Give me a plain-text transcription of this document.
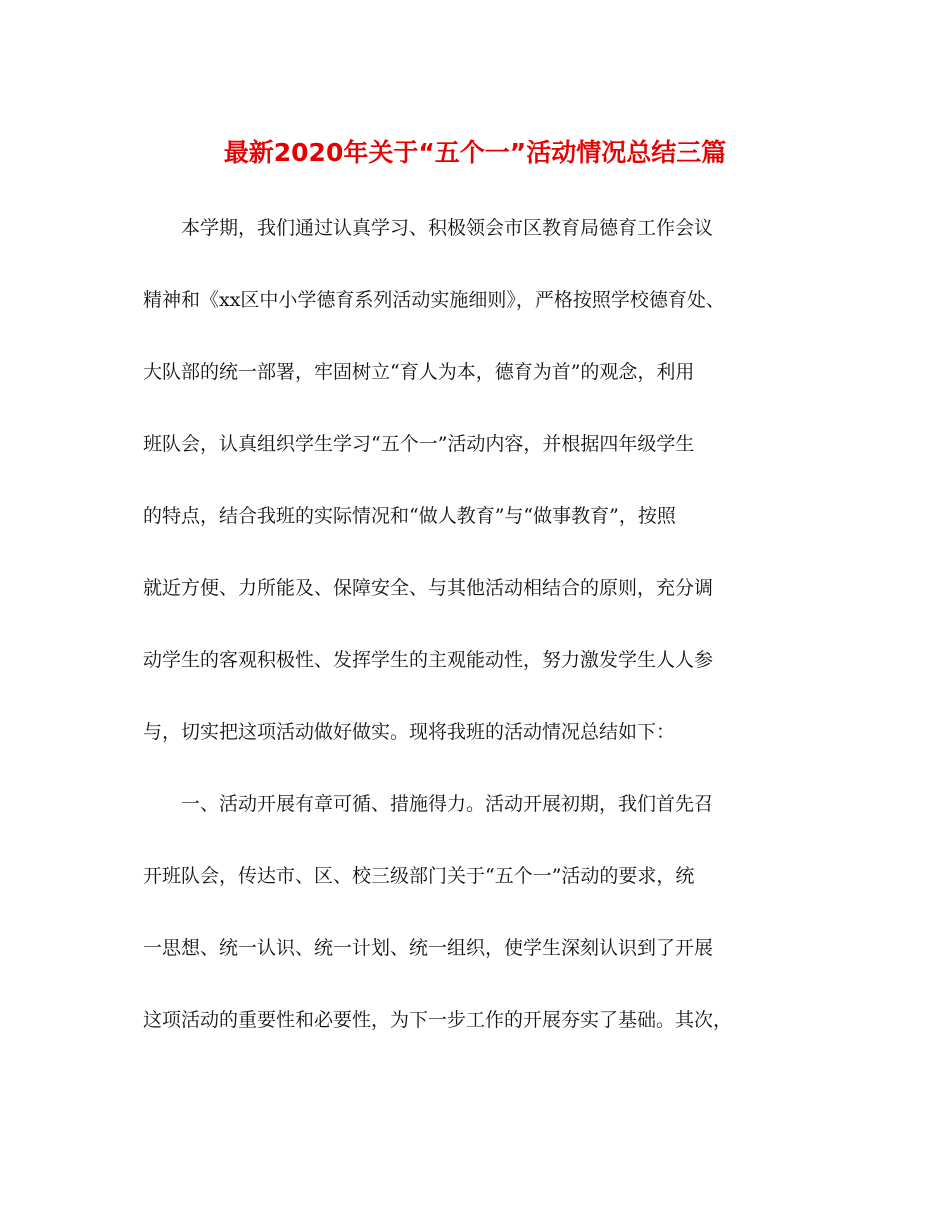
最新2020年关于“五个一”活动情况总结三篇
　　本学期，我们通过认真学习、积极领会市区教育局德育工作会议
精神和《xx区中小学德育系列活动实施细则》，严格按照学校德育处、
大队部的统一部署，牢固树立“育人为本，德育为首”的观念，利用
班队会，认真组织学生学习“五个一”活动内容，并根据四年级学生
的特点，结合我班的实际情况和“做人教育”与“做事教育”，按照
就近方便、力所能及、保障安全、与其他活动相结合的原则，充分调
动学生的客观积极性、发挥学生的主观能动性，努力激发学生人人参
与，切实把这项活动做好做实。现将我班的活动情况总结如下：
　　一、活动开展有章可循、措施得力。活动开展初期，我们首先召
开班队会，传达市、区、校三级部门关于“五个一”活动的要求，统
一思想、统一认识、统一计划、统一组织，使学生深刻认识到了开展
这项活动的重要性和必要性，为下一步工作的开展夯实了基础。其次，
